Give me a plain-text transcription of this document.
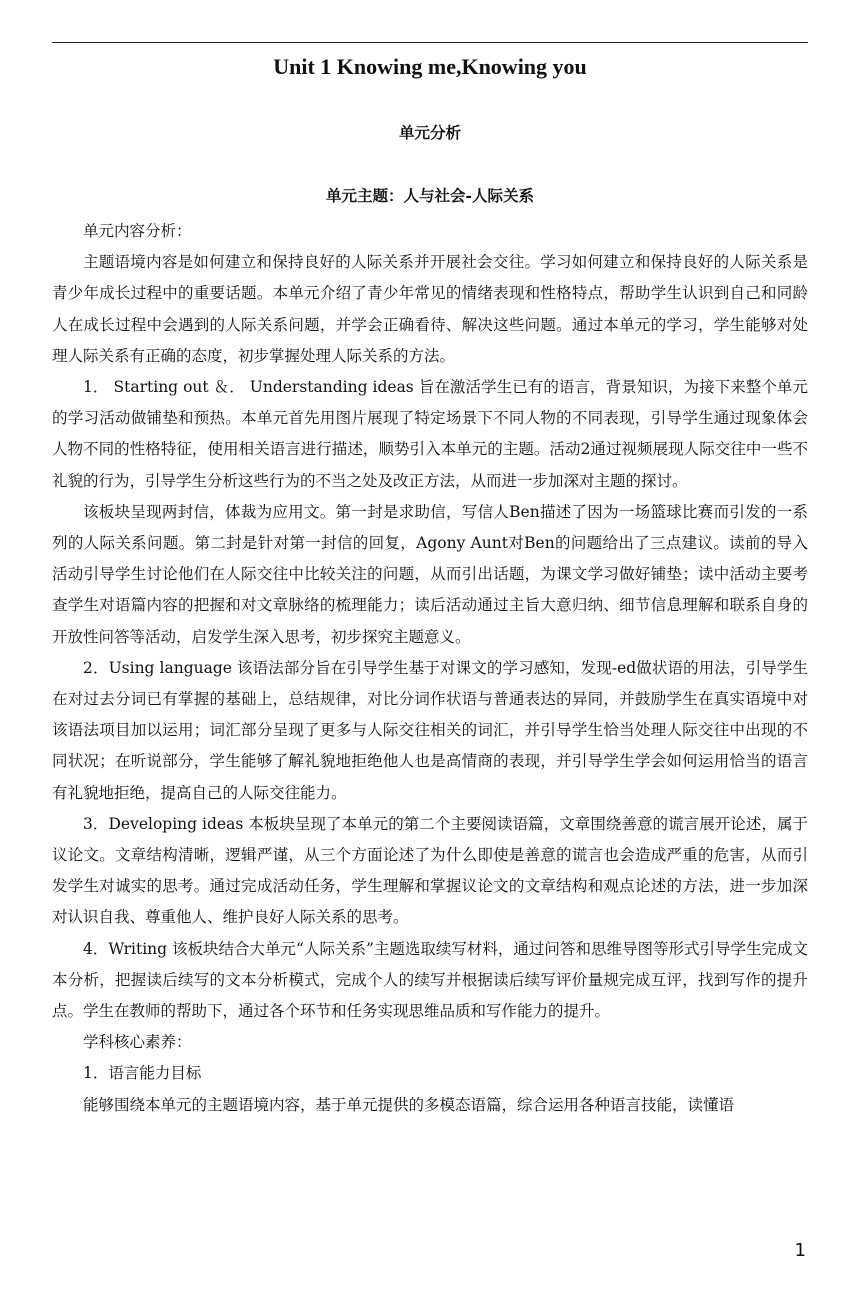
Unit 1 Knowing me,Knowing you
单元分析
单元主题：人与社会-人际关系

单元内容分析：

主题语境内容是如何建立和保持良好的人际关系并开展社会交往。学习如何建立和保持良好的人际关系是青少年成长过程中的重要话题。本单元介绍了青少年常见的情绪表现和性格特点，帮助学生认识到自己和同龄人在成长过程中会遇到的人际关系问题，并学会正确看待、解决这些问题。通过本单元的学习，学生能够对处理人际关系有正确的态度，初步掌握处理人际关系的方法。

1． Starting out ＆． Understanding ideas 旨在激活学生已有的语言，背景知识，为接下来整个单元的学习活动做铺垫和预热。本单元首先用图片展现了特定场景下不同人物的不同表现，引导学生通过现象体会人物不同的性格特征，使用相关语言进行描述，顺势引入本单元的主题。活动2通过视频展现人际交往中一些不礼貌的行为，引导学生分析这些行为的不当之处及改正方法，从而进一步加深对主题的探讨。

该板块呈现两封信，体裁为应用文。第一封是求助信，写信人Ben描述了因为一场篮球比赛而引发的一系列的人际关系问题。第二封是针对第一封信的回复，Agony Aunt对Ben的问题给出了三点建议。读前的导入活动引导学生讨论他们在人际交往中比较关注的问题，从而引出话题，为课文学习做好铺垫；读中活动主要考查学生对语篇内容的把握和对文章脉络的梳理能力；读后活动通过主旨大意归纳、细节信息理解和联系自身的开放性问答等活动，启发学生深入思考，初步探究主题意义。

2．Using language 该语法部分旨在引导学生基于对课文的学习感知，发现-ed做状语的用法，引导学生在对过去分词已有掌握的基础上，总结规律，对比分词作状语与普通表达的异同，并鼓励学生在真实语境中对该语法项目加以运用；词汇部分呈现了更多与人际交往相关的词汇，并引导学生恰当处理人际交往中出现的不同状况；在听说部分，学生能够了解礼貌地拒绝他人也是高情商的表现，并引导学生学会如何运用恰当的语言有礼貌地拒绝，提高自己的人际交往能力。

3．Developing ideas 本板块呈现了本单元的第二个主要阅读语篇，文章围绕善意的谎言展开论述，属于议论文。文章结构清晰，逻辑严谨，从三个方面论述了为什么即使是善意的谎言也会造成严重的危害，从而引发学生对诚实的思考。通过完成活动任务，学生理解和掌握议论文的文章结构和观点论述的方法，进一步加深对认识自我、尊重他人、维护良好人际关系的思考。

4．Writing 该板块结合大单元“人际关系”主题选取续写材料，通过问答和思维导图等形式引导学生完成文本分析，把握读后续写的文本分析模式，完成个人的续写并根据读后续写评价量规完成互评，找到写作的提升点。学生在教师的帮助下，通过各个环节和任务实现思维品质和写作能力的提升。

学科核心素养：

1．语言能力目标

能够围绕本单元的主题语境内容，基于单元提供的多模态语篇，综合运用各种语言技能，读懂语

1
